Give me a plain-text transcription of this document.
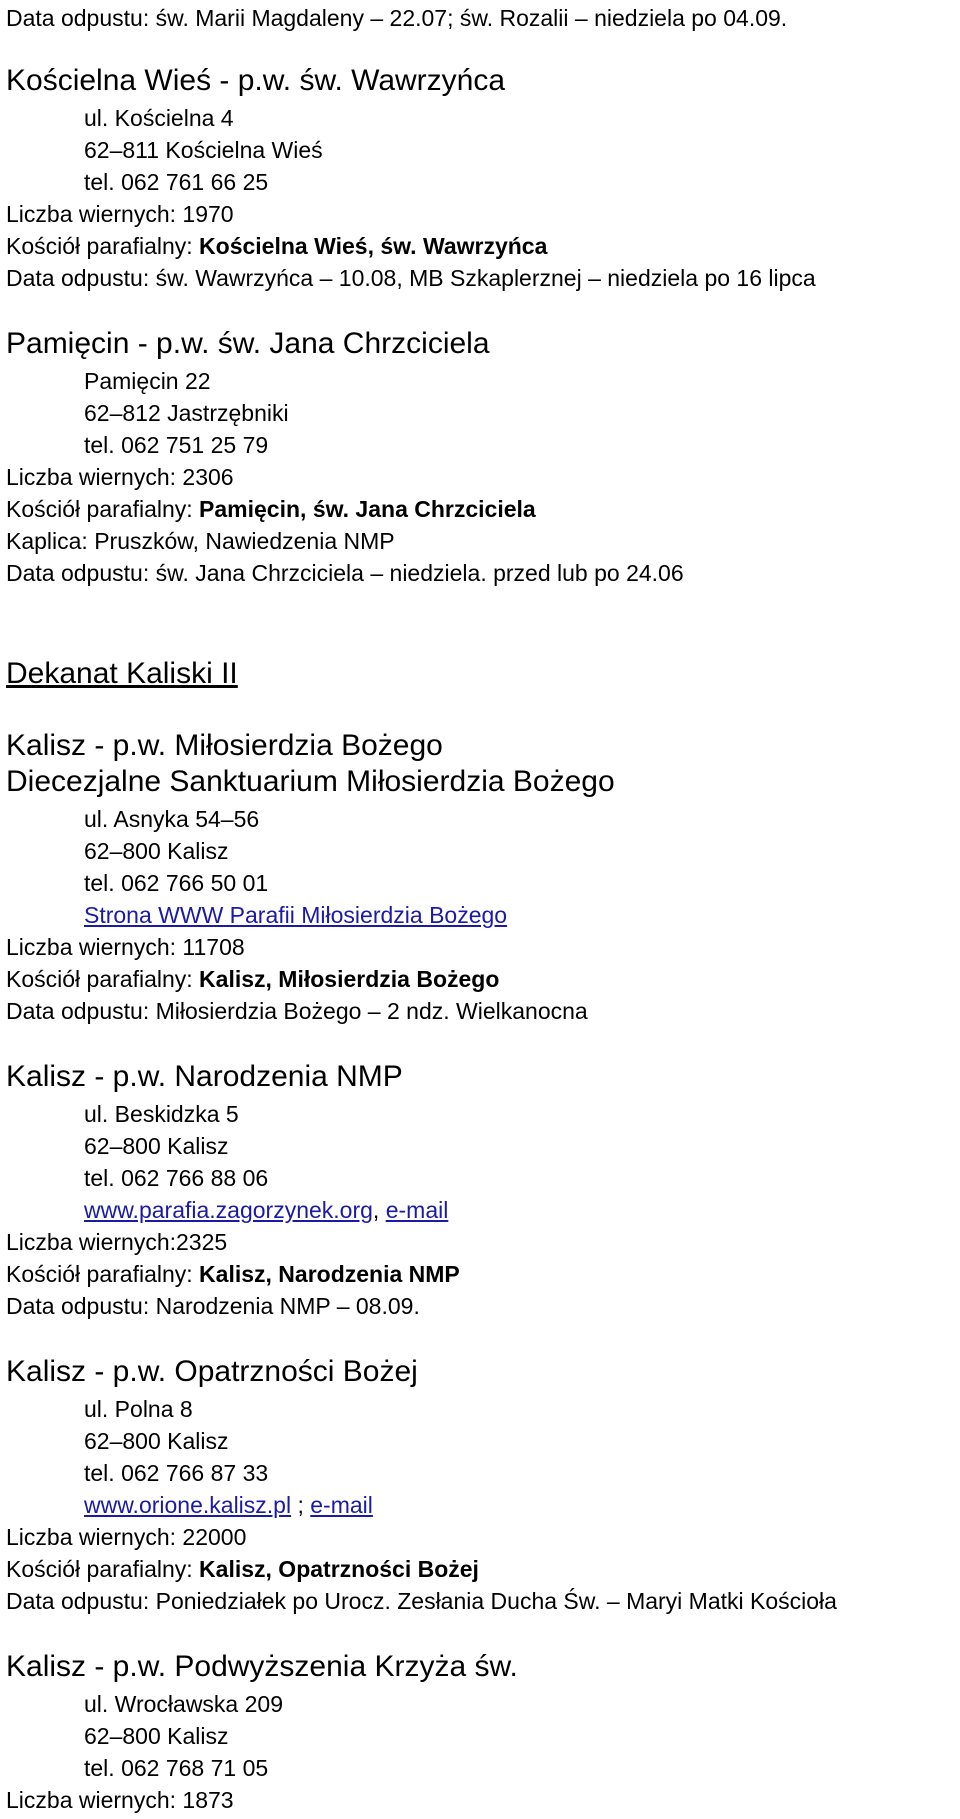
Data odpustu: św. Marii Magdaleny – 22.07; św. Rozalii – niedziela po 04.09.
Kościelna Wieś - p.w. św. Wawrzyńca
ul. Kościelna 4
62–811 Kościelna Wieś
tel. 062 761 66 25
Liczba wiernych: 1970
Kościół parafialny: Kościelna Wieś, św. Wawrzyńca
Data odpustu: św. Wawrzyńca – 10.08, MB Szkaplerznej – niedziela po 16 lipca
Pamięcin - p.w. św. Jana Chrzciciela
Pamięcin 22
62–812 Jastrzębniki
tel. 062 751 25 79
Liczba wiernych: 2306
Kościół parafialny: Pamięcin, św. Jana Chrzciciela
Kaplica: Pruszków, Nawiedzenia NMP
Data odpustu: św. Jana Chrzciciela – niedziela. przed lub po 24.06
Dekanat Kaliski II
Kalisz - p.w. Miłosierdzia Bożego
Diecezjalne Sanktuarium Miłosierdzia Bożego
ul. Asnyka 54–56
62–800 Kalisz
tel. 062 766 50 01
Strona WWW Parafii Miłosierdzia Bożego
Liczba wiernych: 11708
Kościół parafialny: Kalisz, Miłosierdzia Bożego
Data odpustu: Miłosierdzia Bożego – 2 ndz. Wielkanocna
Kalisz - p.w. Narodzenia NMP
ul. Beskidzka 5
62–800 Kalisz
tel. 062 766 88 06
www.parafia.zagorzynek.org, e-mail
Liczba wiernych:2325
Kościół parafialny: Kalisz, Narodzenia NMP
Data odpustu: Narodzenia NMP – 08.09.
Kalisz - p.w. Opatrzności Bożej
ul. Polna 8
62–800 Kalisz
tel. 062 766 87 33
www.orione.kalisz.pl ; e-mail
Liczba wiernych: 22000
Kościół parafialny: Kalisz, Opatrzności Bożej
Data odpustu: Poniedziałek po Urocz. Zesłania Ducha Św. – Maryi Matki Kościoła
Kalisz - p.w. Podwyższenia Krzyża św.
ul. Wrocławska 209
62–800 Kalisz
tel. 062 768 71 05
Liczba wiernych: 1873
